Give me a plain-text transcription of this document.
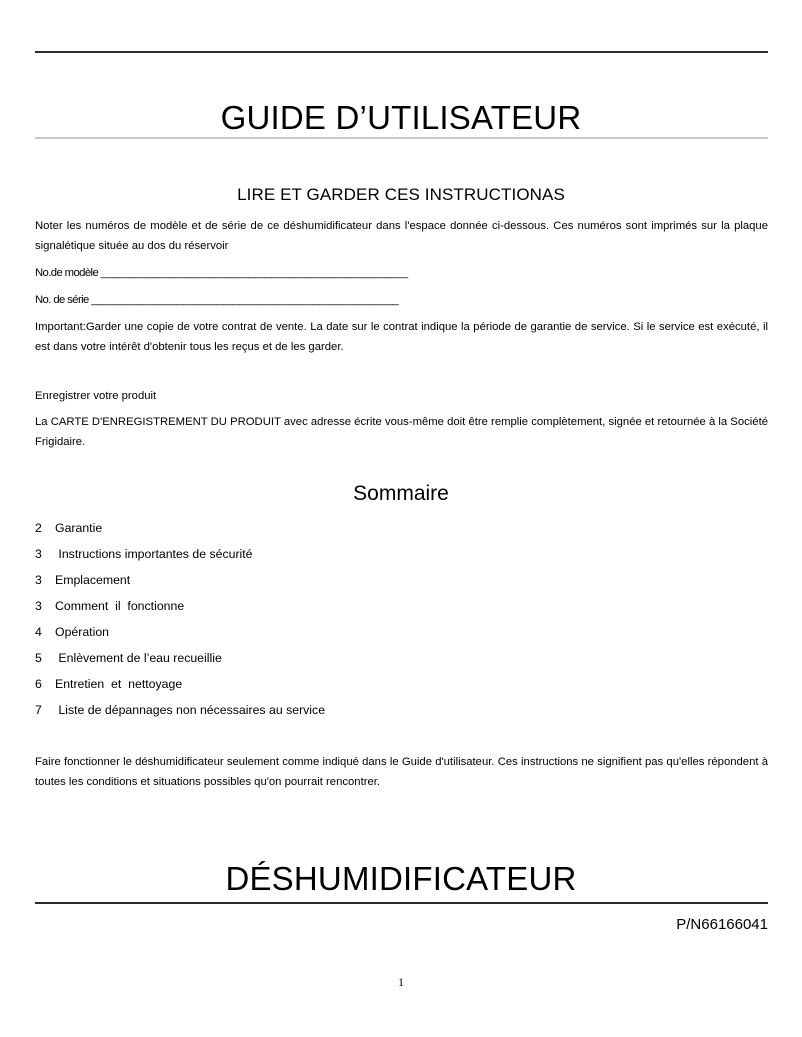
GUIDE D’UTILISATEUR
LIRE ET GARDER CES INSTRUCTIONAS
Noter les numéros de modèle et de série de ce déshumidificateur dans l'espace donnée ci-dessous. Ces numéros sont imprimés sur la plaque signalétique située au dos du réservoir
No.de modèle ______________________________________________________
No. de série ______________________________________________________
Important:Garder une copie de votre contrat de vente. La date sur le contrat indique la période de garantie de service. Si le service est exécuté, il est dans votre intérêt d'obtenir tous les reçus et de les garder.
Enregistrer votre produit
La CARTE D'ENREGISTREMENT DU PRODUIT avec adresse écrite vous-même doit être remplie complètement, signée et retournée à la Société Frigidaire.
Sommaire
2	Garantie
3	Instructions importantes de sécurité
3	Emplacement
3	Comment  il  fonctionne
4	Opération
5	Enlèvement de l’eau recueillie
6	Entretien  et  nettoyage
7	Liste de dépannages non nécessaires au service
Faire fonctionner le déshumidificateur seulement comme indiqué dans le Guide d'utilisateur. Ces instructions ne signifient pas qu'elles répondent à toutes les conditions et situations possibles qu'on pourrait rencontrer.
DÉSHUMIDIFICATEUR
P/N66166041
1
